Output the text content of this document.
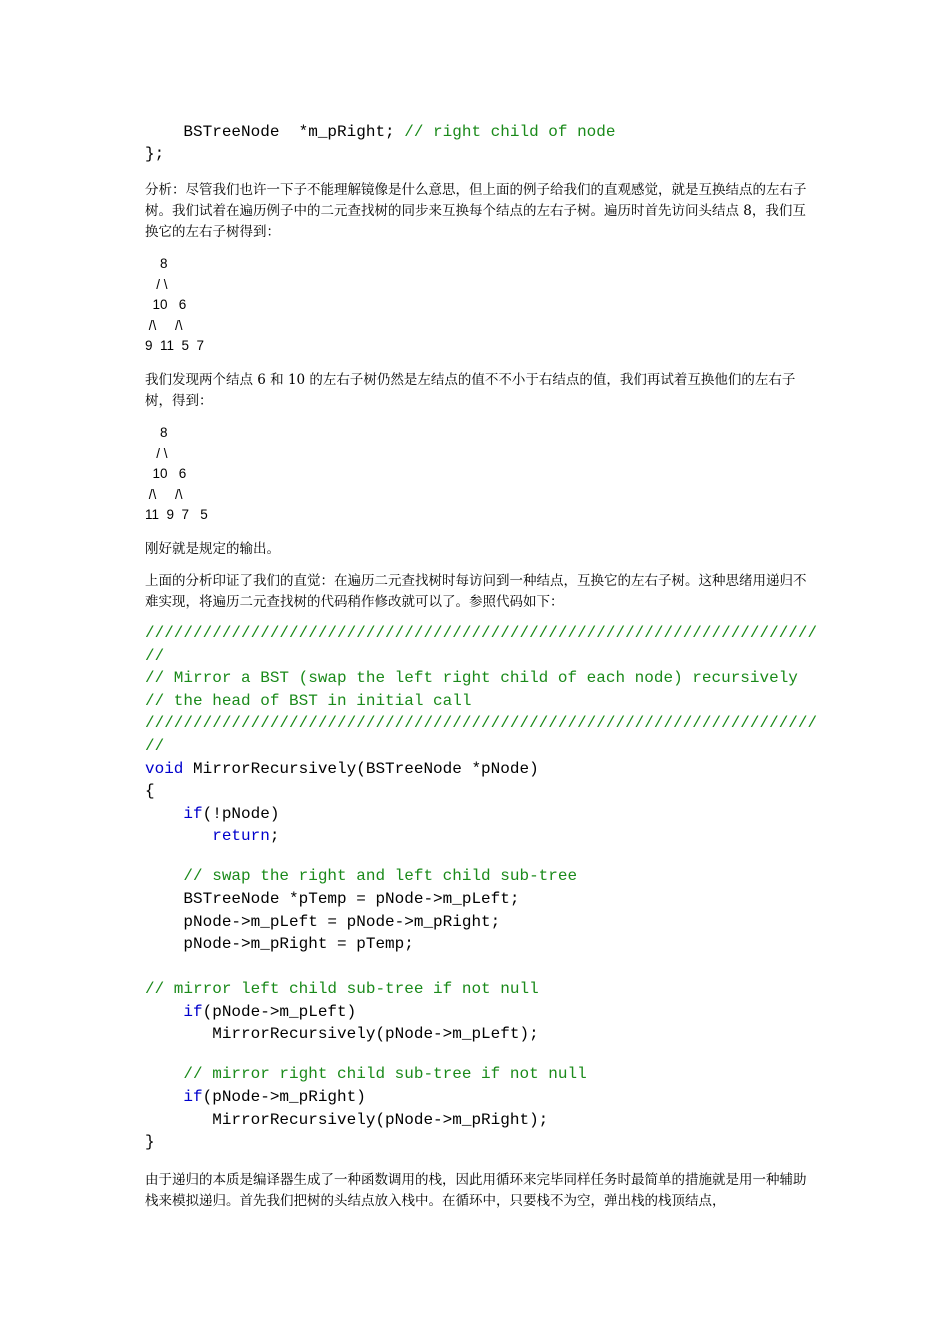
BSTreeNode  *m_pRight; // right child of node
};
分析：尽管我们也许一下子不能理解镜像是什么意思，但上面的例子给我们的直观感觉，就是互换结点的左右子树。我们试着在遍历例子中的二元查找树的同步来互换每个结点的左右子树。遍历时首先访问头结点 8，我们互换它的左右子树得到：
8
/ \
10   6
/\     /\
9  11  5  7
我们发现两个结点 6 和 10 的左右子树仍然是左结点的值不不小于右结点的值，我们再试着互换他们的左右子树，得到：
8
/ \
10   6
/\     /\
11  9  7   5
刚好就是规定的输出。
上面的分析印证了我们的直觉：在遍历二元查找树时每访问到一种结点，互换它的左右子树。这种思绪用递归不难实现，将遍历二元查找树的代码稍作修改就可以了。参照代码如下：
//////////////////////////////////////////////////////////////////////
//
// Mirror a BST (swap the left right child of each node) recursively
// the head of BST in initial call
//////////////////////////////////////////////////////////////////////
//
void MirrorRecursively(BSTreeNode *pNode)
{
if(!pNode)
return;

// swap the right and left child sub-tree
BSTreeNode *pTemp = pNode->m_pLeft;
pNode->m_pLeft = pNode->m_pRight;
pNode->m_pRight = pTemp;

// mirror left child sub-tree if not null
if(pNode->m_pLeft)
MirrorRecursively(pNode->m_pLeft);

// mirror right child sub-tree if not null
if(pNode->m_pRight)
MirrorRecursively(pNode->m_pRight);
}
由于递归的本质是编译器生成了一种函数调用的栈，因此用循环来完毕同样任务时最简单的措施就是用一种辅助栈来模拟递归。首先我们把树的头结点放入栈中。在循环中，只要栈不为空，弹出栈的栈顶结点，
